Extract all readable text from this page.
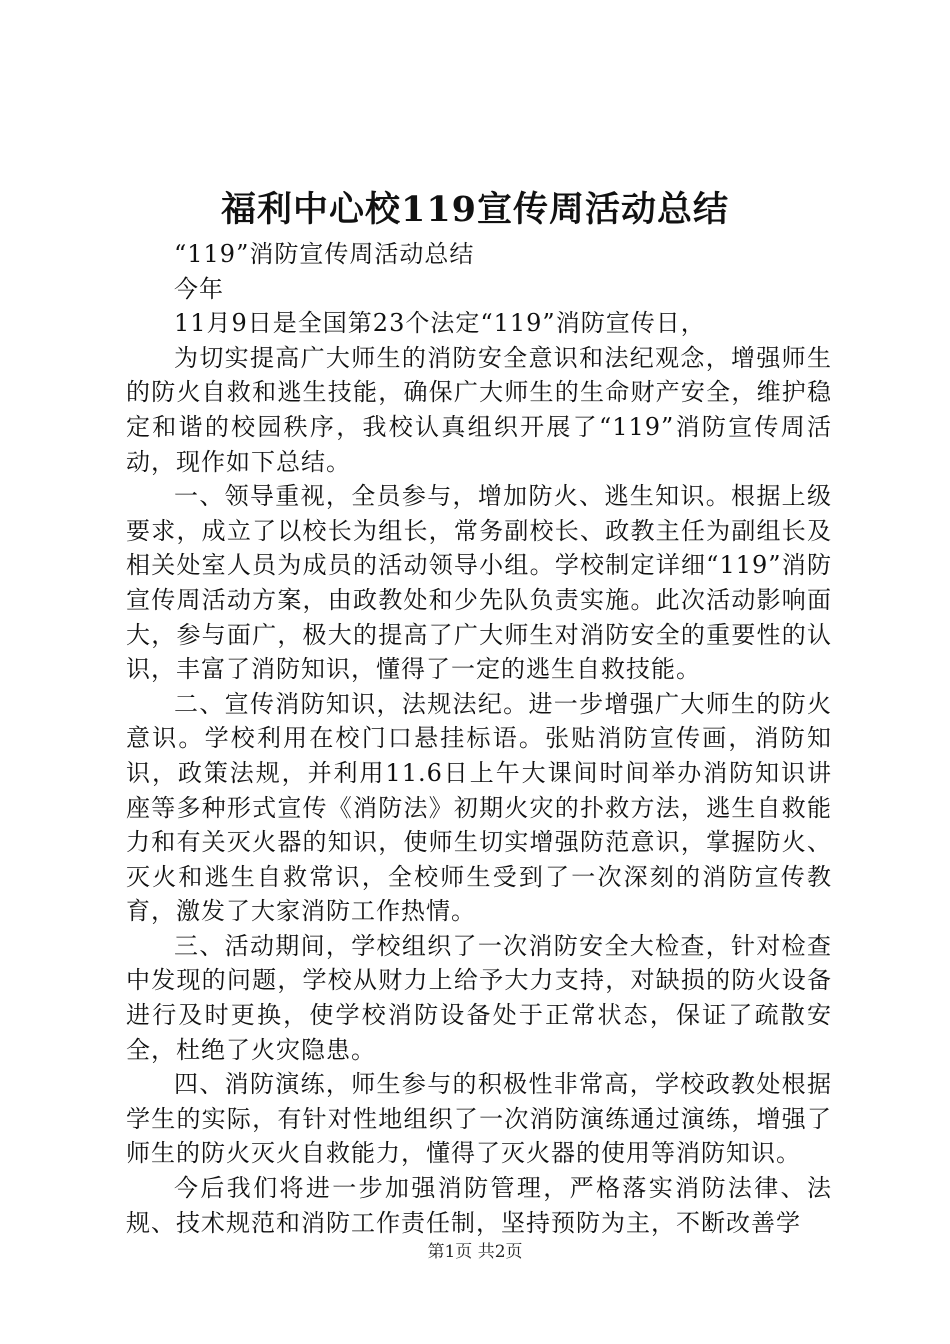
福利中心校119宣传周活动总结

“119”消防宣传周活动总结

今年

11月9日是全国第23个法定“119”消防宣传日，

为切实提高广大师生的消防安全意识和法纪观念，增强师生的防火自救和逃生技能，确保广大师生的生命财产安全，维护稳定和谐的校园秩序，我校认真组织开展了“119”消防宣传周活动，现作如下总结。

一、领导重视，全员参与，增加防火、逃生知识。根据上级要求，成立了以校长为组长，常务副校长、政教主任为副组长及相关处室人员为成员的活动领导小组。学校制定详细“119”消防宣传周活动方案，由政教处和少先队负责实施。此次活动影响面大，参与面广，极大的提高了广大师生对消防安全的重要性的认识，丰富了消防知识，懂得了一定的逃生自救技能。

二、宣传消防知识，法规法纪。进一步增强广大师生的防火意识。学校利用在校门口悬挂标语。张贴消防宣传画，消防知识，政策法规，并利用11.6日上午大课间时间举办消防知识讲座等多种形式宣传《消防法》初期火灾的扑救方法，逃生自救能力和有关灭火器的知识，使师生切实增强防范意识，掌握防火、灭火和逃生自救常识，全校师生受到了一次深刻的消防宣传教育，激发了大家消防工作热情。

三、活动期间，学校组织了一次消防安全大检查，针对检查中发现的问题，学校从财力上给予大力支持，对缺损的防火设备进行及时更换，使学校消防设备处于正常状态，保证了疏散安全，杜绝了火灾隐患。

四、消防演练，师生参与的积极性非常高，学校政教处根据学生的实际，有针对性地组织了一次消防演练通过演练，增强了师生的防火灭火自救能力，懂得了灭火器的使用等消防知识。

今后我们将进一步加强消防管理，严格落实消防法律、法规、技术规范和消防工作责任制，坚持预防为主，不断改善学

第1页 共2页
